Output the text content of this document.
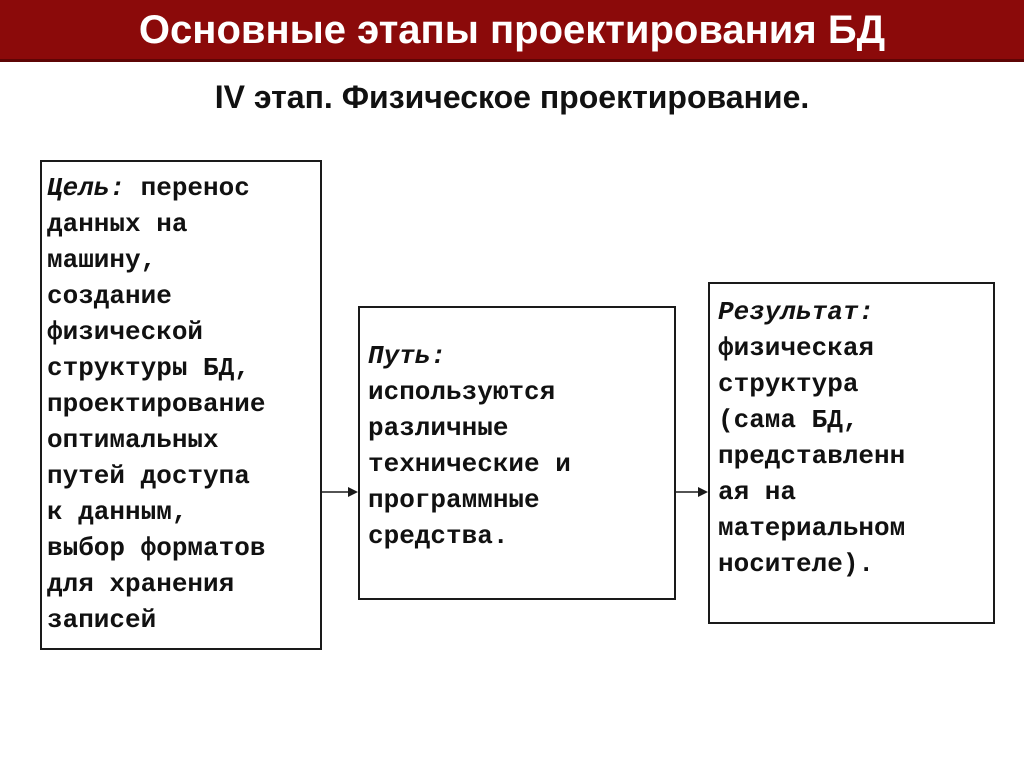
Основные этапы проектирования БД
IV этап. Физическое проектирование.
Цель: перенос
данных на
машину,
создание
физической
структуры БД,
проектирование
оптимальных
путей доступа
к данным,
выбор форматов
для хранения
записей
Путь:
используются
различные
технические и
программные
средства.
Результат:
физическая
структура
(сама БД,
представленн
ая на
материальном
носителе).
